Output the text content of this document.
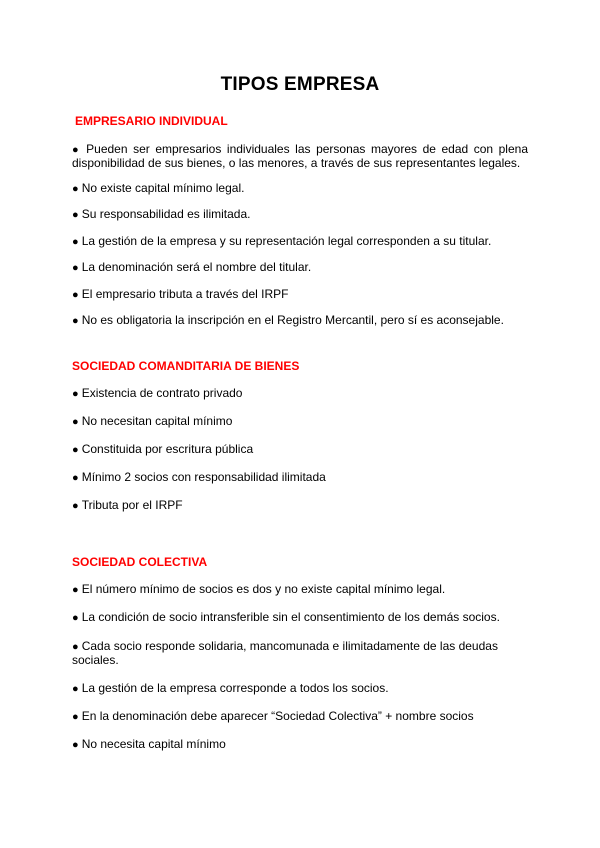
TIPOS EMPRESA
EMPRESARIO INDIVIDUAL

● Pueden ser empresarios individuales las personas mayores de edad con plena disponibilidad de sus bienes, o las menores, a través de sus representantes legales.

● No existe capital mínimo legal.

● Su responsabilidad es ilimitada.

● La gestión de la empresa y su representación legal corresponden a su titular.

● La denominación será el nombre del titular.

● El empresario tributa a través del IRPF

● No es obligatoria la inscripción en el Registro Mercantil, pero sí es aconsejable.

SOCIEDAD COMANDITARIA DE BIENES

● Existencia de contrato privado

● No necesitan capital mínimo

● Constituida por escritura pública

● Mínimo 2 socios con responsabilidad ilimitada

● Tributa por el IRPF

SOCIEDAD COLECTIVA

● El número mínimo de socios es dos y no existe capital mínimo legal.

● La condición de socio intransferible sin el consentimiento de los demás socios.

● Cada socio responde solidaria, mancomunada e ilimitadamente de las deudas sociales.

● La gestión de la empresa corresponde a todos los socios.

● En la denominación debe aparecer “Sociedad Colectiva” + nombre socios

● No necesita capital mínimo
